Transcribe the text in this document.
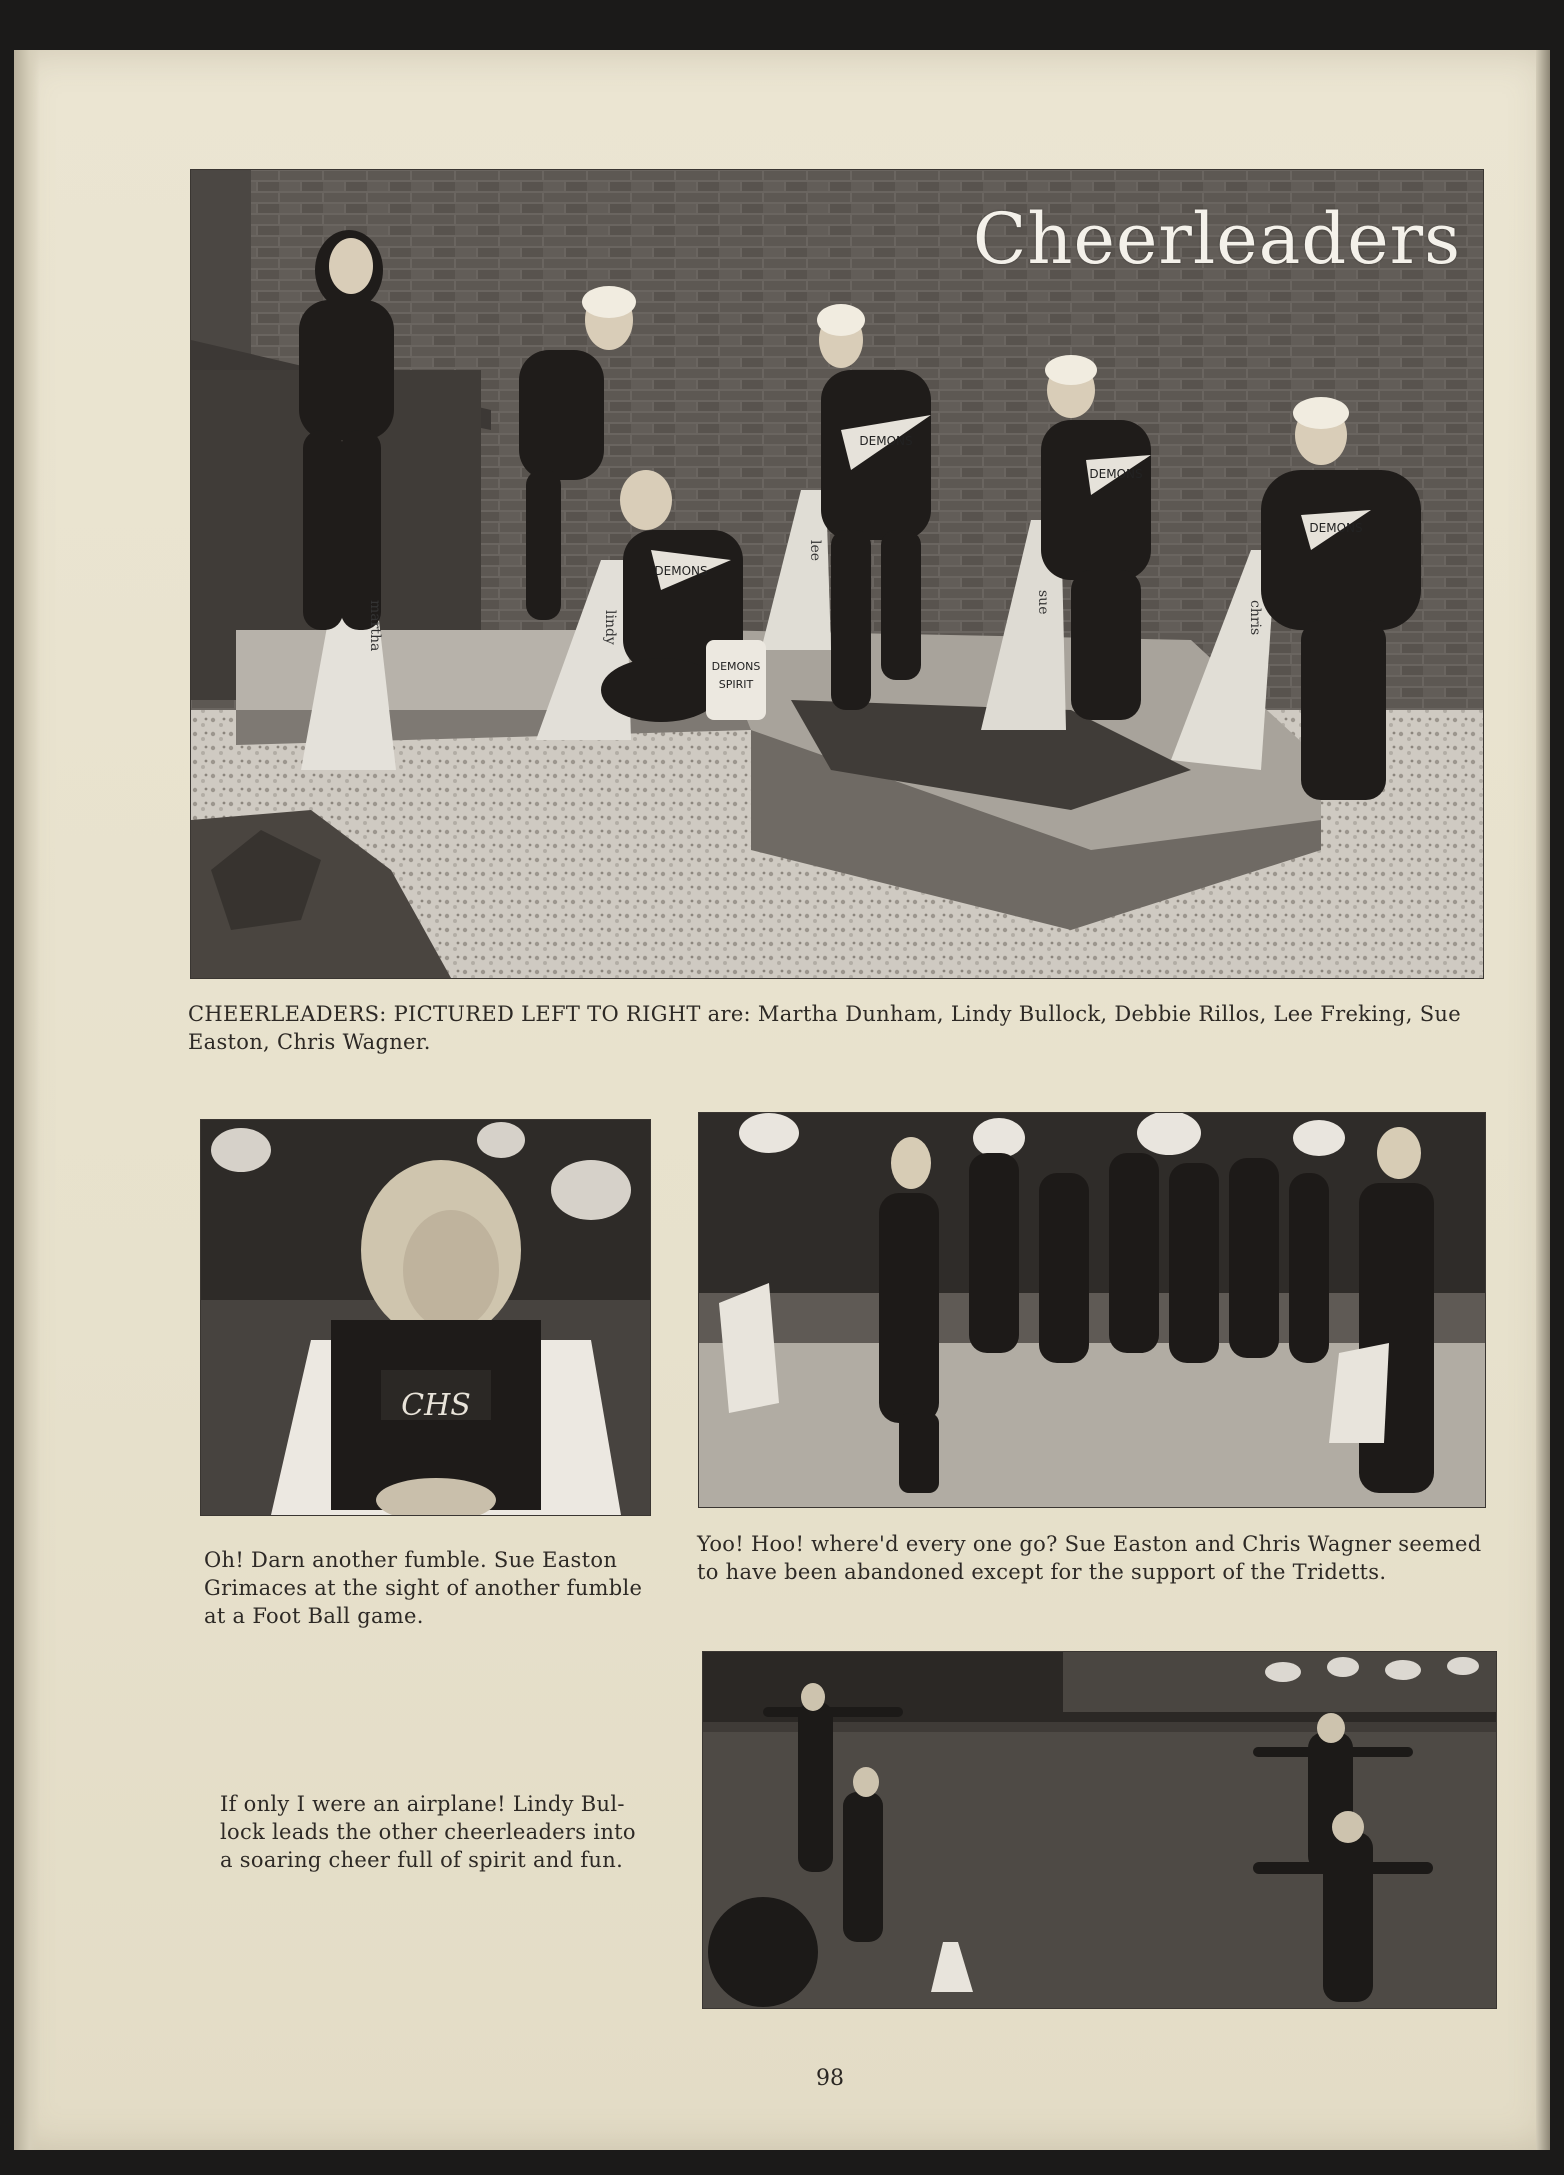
DEMONS
SPIRIT
martha	lindy
lee
sue	chris
DEMONS
DEMONS
DEMONS
DEMONS
Cheerleaders
CHEERLEADERS: PICTURED LEFT TO RIGHT are: Martha Dunham, Lindy Bullock, Debbie Rillos, Lee Freking, Sue Easton, Chris Wagner.
CHS
Oh! Darn another fumble. Sue Easton
Grimaces at the sight of another fumble
at a Foot Ball game.
Yoo! Hoo! where'd every one go? Sue Easton and Chris Wagner seemed
to have been abandoned except for the support of the Tridetts.
If only I were an airplane! Lindy Bul-
lock leads the other cheerleaders into
a soaring cheer full of spirit and fun.
98
